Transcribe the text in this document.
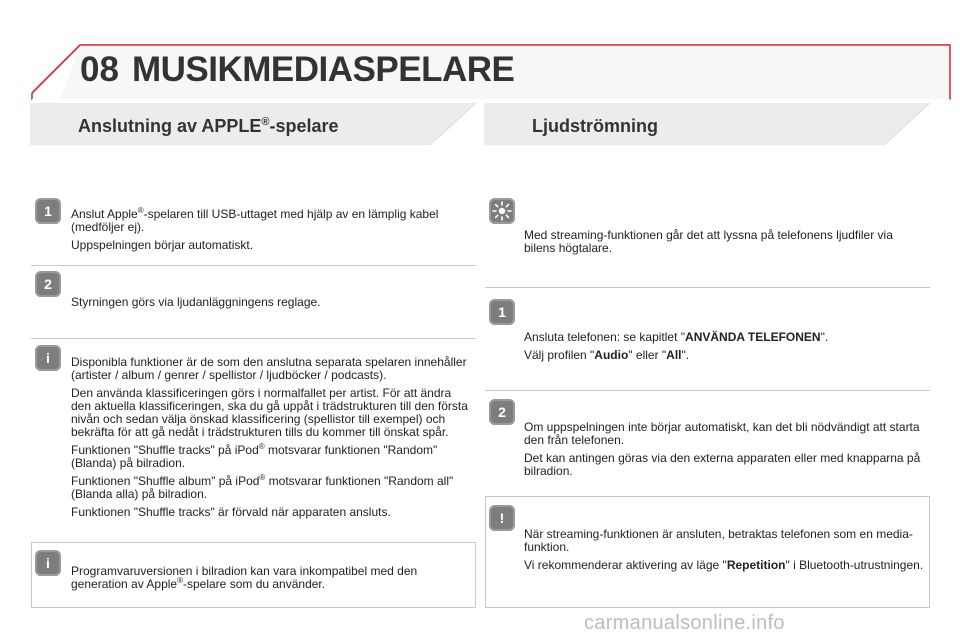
08 MUSIKMEDIASPELARE
Anslutning av APPLE®-spelare	Ljudströmning
1	Anslut Apple®-spelaren till USB-uttaget med hjälp av en lämplig kabel (medföljer ej).

Uppspelningen börjar automatiskt.

2

Styrningen görs via ljudanläggningens reglage.

i	Disponibla funktioner är de som den anslutna separata spelaren innehåller (artister / album / genrer / spellistor / ljudböcker / podcasts).

Den använda klassificeringen görs i normalfallet per artist. För att ändra den aktuella klassificeringen, ska du gå uppåt i trädstrukturen till den första nivån och sedan välja önskad klassificering (spellistor till exempel) och bekräfta för att gå nedåt i trädstrukturen tills du kommer till önskat spår.

Funktionen "Shuffle tracks" på iPod® motsvarar funktionen "Random" (Blanda) på bilradion.

Funktionen "Shuffle album" på iPod® motsvarar funktionen "Random all" (Blanda alla) på bilradion.

Funktionen "Shuffle tracks" är förvald när apparaten ansluts.

i	Programvaruversionen i bilradion kan vara inkompatibel med den generation av Apple®-spelare som du använder.

Med streaming-funktionen går det att lyssna på telefonens ljudfiler via bilens högtalare.

1

Ansluta telefonen: se kapitlet "ANVÄNDA TELEFONEN".

Välj profilen "Audio" eller "All".

2

Om uppspelningen inte börjar automatiskt, kan det bli nödvändigt att starta den från telefonen.

Det kan antingen göras via den externa apparaten eller med knapparna på bilradion.

!

När streaming-funktionen är ansluten, betraktas telefonen som en media-funktion.

Vi rekommenderar aktivering av läge "Repetition" i Bluetooth-utrustningen.

carmanualsonline.info
